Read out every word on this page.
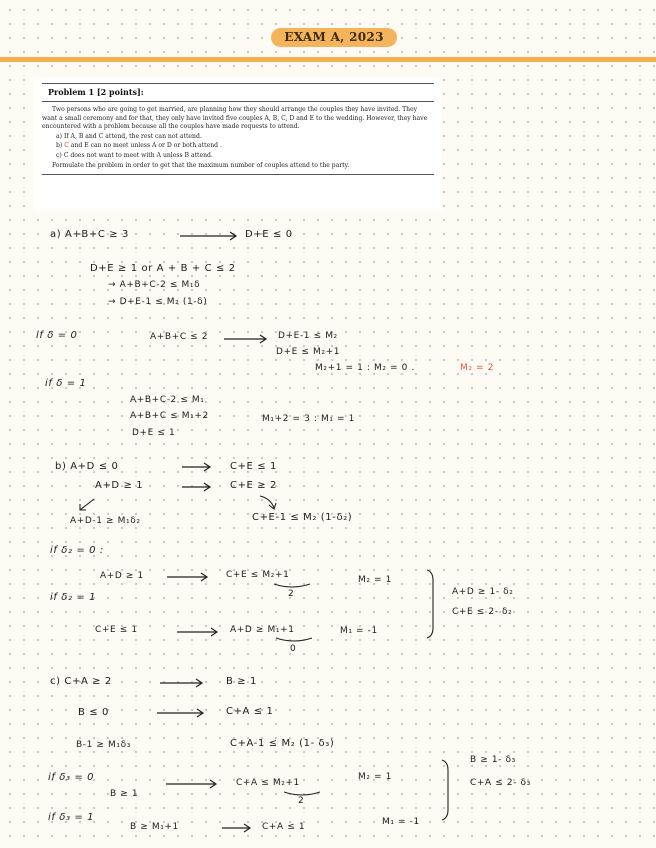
EXAM A, 2023
Problem 1 [2 points]:
Two persons who are going to get married, are planning how they should arrange the couples they have invited. They want a small ceremony and for that, they only have invited five couples A, B, C, D and E to the wedding. However, they have encountered with a problem because all the couples have made requests to attend.
a) If A, B and C attend, the rest can not attend.
b) C and E can no meet unless A or D or both attend .
c) C does not want to meet with A unless B attend.
Formulate the problem in order to get that the maximum number of couples attend to the party.
a) A+B+C ≥ 3	D+E ≤ 0
D+E ≥ 1 or A + B + C ≤ 2
→ A+B+C-2 ≤ M₁δ
→ D+E-1 ≤ M₂ (1-δ)
if δ = 0	A+B+C ≤ 2	D+E-1 ≤ M₂
D+E ≤ M₂+1
M₂+1 = 1 : M₂ = 0 .	M₂ = 2
if δ = 1
A+B+C-2 ≤ M₁
A+B+C ≤ M₁+2	M₁+2 = 3 : M₁ = 1
D+E ≤ 1
b) A+D ≤ 0	C+E ≤ 1
A+D ≥ 1	C+E ≥ 2
A+D-1 ≥ M₁δ₂	C+E-1 ≤ M₂ (1-δ₂)
if δ₂ = 0 :
A+D ≥ 1	C+E ≤ M₂+1
2
M₂ = 1
if δ₂ = 1
C+E ≤ 1	A+D ≥ M₁+1
0
M₁ = -1
A+D ≥ 1- δ₂
C+E ≤ 2- δ₂
c) C+A ≥ 2	B ≥ 1
B ≤ 0	C+A ≤ 1
B-1 ≥ M₁δ₃	C+A-1 ≤ M₂ (1- δ₃)
if δ₃ = 0
B ≥ 1
C+A ≤ M₂+1
2
M₂ = 1
if δ₃ = 1
B ≥ M₁+1	C+A ≤ 1	M₁ = -1
B ≥ 1- δ₃
C+A ≤ 2- δ₃
